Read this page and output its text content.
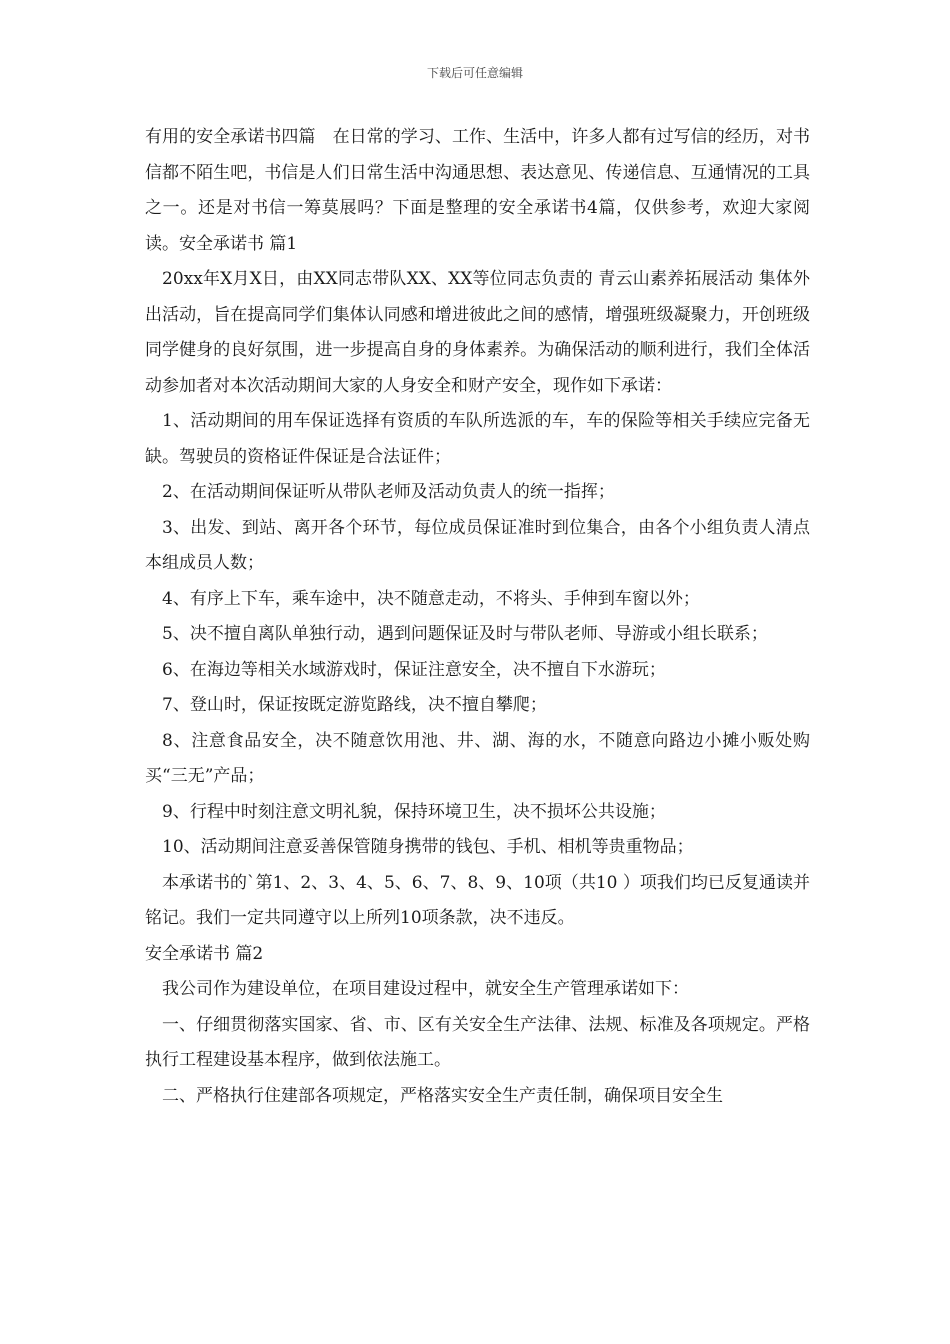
下载后可任意编辑

有用的安全承诺书四篇　在日常的学习、工作、生活中，许多人都有过写信的经历，对书信都不陌生吧，书信是人们日常生活中沟通思想、表达意见、传递信息、互通情况的工具之一。还是对书信一筹莫展吗？下面是整理的安全承诺书4篇，仅供参考，欢迎大家阅读。安全承诺书 篇1

20xx年X月X日，由XX同志带队XX、XX等位同志负责的 青云山素养拓展活动 集体外出活动，旨在提高同学们集体认同感和增进彼此之间的感情，增强班级凝聚力，开创班级同学健身的良好氛围，进一步提高自身的身体素养。为确保活动的顺利进行，我们全体活动参加者对本次活动期间大家的人身安全和财产安全，现作如下承诺：

1、活动期间的用车保证选择有资质的车队所选派的车，车的保险等相关手续应完备无缺。驾驶员的资格证件保证是合法证件；

2、在活动期间保证听从带队老师及活动负责人的统一指挥；

3、出发、到站、离开各个环节，每位成员保证准时到位集合，由各个小组负责人清点本组成员人数；

4、有序上下车，乘车途中，决不随意走动，不将头、手伸到车窗以外；

5、决不擅自离队单独行动，遇到问题保证及时与带队老师、导游或小组长联系；

6、在海边等相关水域游戏时，保证注意安全，决不擅自下水游玩；

7、登山时，保证按既定游览路线，决不擅自攀爬；

8、注意食品安全，决不随意饮用池、井、湖、海的水，不随意向路边小摊小贩处购买“三无”产品；

9、行程中时刻注意文明礼貌，保持环境卫生，决不损坏公共设施；

10、活动期间注意妥善保管随身携带的钱包、手机、相机等贵重物品；

本承诺书的`第1、2、3、4、5、6、7、8、9、10项（共10 ）项我们均已反复通读并铭记。我们一定共同遵守以上所列10项条款，决不违反。

安全承诺书 篇2

我公司作为建设单位，在项目建设过程中，就安全生产管理承诺如下：

一、仔细贯彻落实国家、省、市、区有关安全生产法律、法规、标准及各项规定。严格执行工程建设基本程序，做到依法施工。

二、严格执行住建部各项规定，严格落实安全生产责任制，确保项目安全生
